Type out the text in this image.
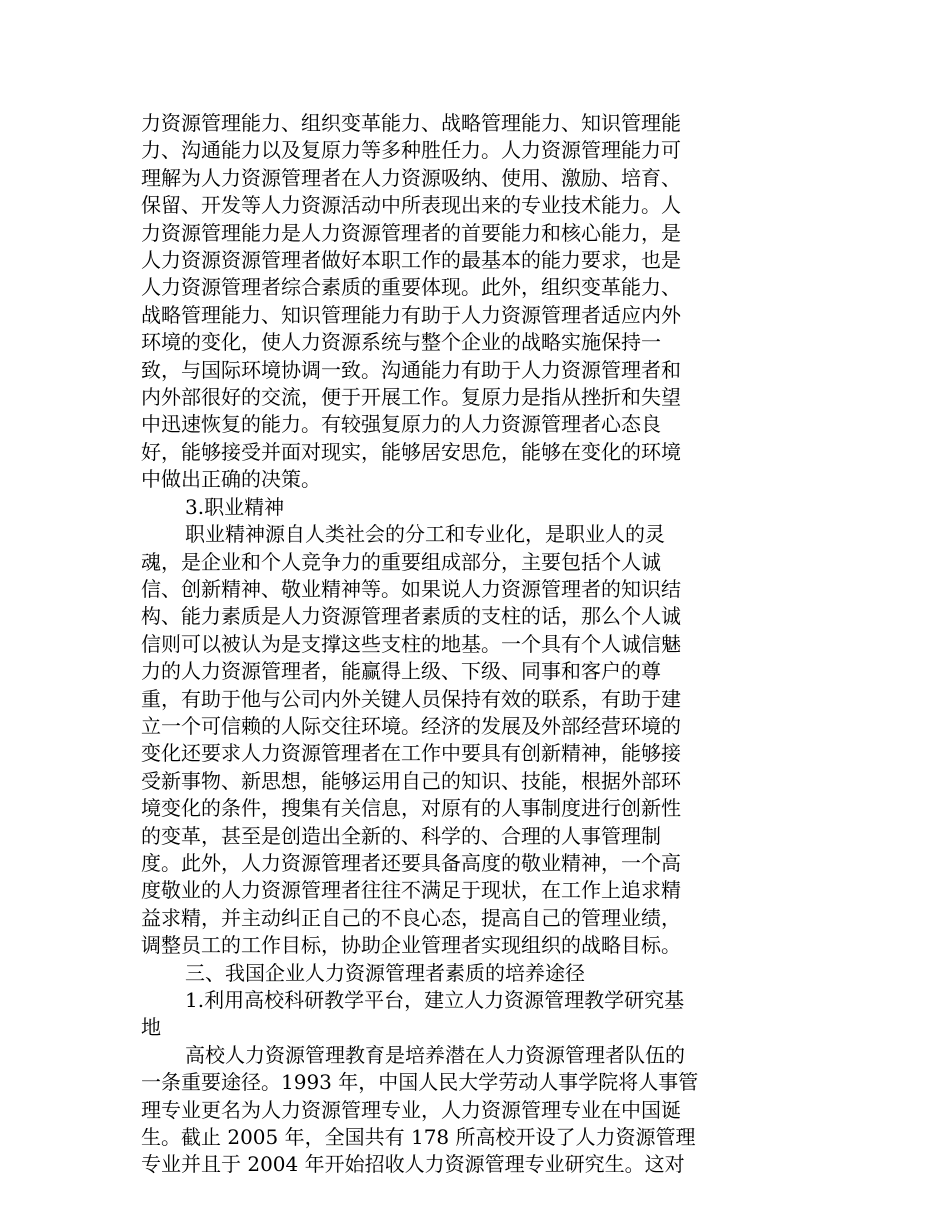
力资源管理能力、组织变革能力、战略管理能力、知识管理能
力、沟通能力以及复原力等多种胜任力。人力资源管理能力可
理解为人力资源管理者在人力资源吸纳、使用、激励、培育、
保留、开发等人力资源活动中所表现出来的专业技术能力。人
力资源管理能力是人力资源管理者的首要能力和核心能力，是
人力资源资源管理者做好本职工作的最基本的能力要求，也是
人力资源管理者综合素质的重要体现。此外，组织变革能力、
战略管理能力、知识管理能力有助于人力资源管理者适应内外
环境的变化，使人力资源系统与整个企业的战略实施保持一
致，与国际环境协调一致。沟通能力有助于人力资源管理者和
内外部很好的交流，便于开展工作。复原力是指从挫折和失望
中迅速恢复的能力。有较强复原力的人力资源管理者心态良
好，能够接受并面对现实，能够居安思危，能够在变化的环境
中做出正确的决策。
3.职业精神
职业精神源自人类社会的分工和专业化，是职业人的灵
魂，是企业和个人竞争力的重要组成部分，主要包括个人诚
信、创新精神、敬业精神等。如果说人力资源管理者的知识结
构、能力素质是人力资源管理者素质的支柱的话，那么个人诚
信则可以被认为是支撑这些支柱的地基。一个具有个人诚信魅
力的人力资源管理者，能赢得上级、下级、同事和客户的尊
重，有助于他与公司内外关键人员保持有效的联系，有助于建
立一个可信赖的人际交往环境。经济的发展及外部经营环境的
变化还要求人力资源管理者在工作中要具有创新精神，能够接
受新事物、新思想，能够运用自己的知识、技能，根据外部环
境变化的条件，搜集有关信息，对原有的人事制度进行创新性
的变革，甚至是创造出全新的、科学的、合理的人事管理制
度。此外，人力资源管理者还要具备高度的敬业精神，一个高
度敬业的人力资源管理者往往不满足于现状，在工作上追求精
益求精，并主动纠正自己的不良心态，提高自己的管理业绩，
调整员工的工作目标，协助企业管理者实现组织的战略目标。
三、我国企业人力资源管理者素质的培养途径
1.利用高校科研教学平台，建立人力资源管理教学研究基
地
高校人力资源管理教育是培养潜在人力资源管理者队伍的
一条重要途径。1993 年，中国人民大学劳动人事学院将人事管
理专业更名为人力资源管理专业，人力资源管理专业在中国诞
生。截止 2005 年，全国共有 178 所高校开设了人力资源管理
专业并且于 2004 年开始招收人力资源管理专业研究生。这对
